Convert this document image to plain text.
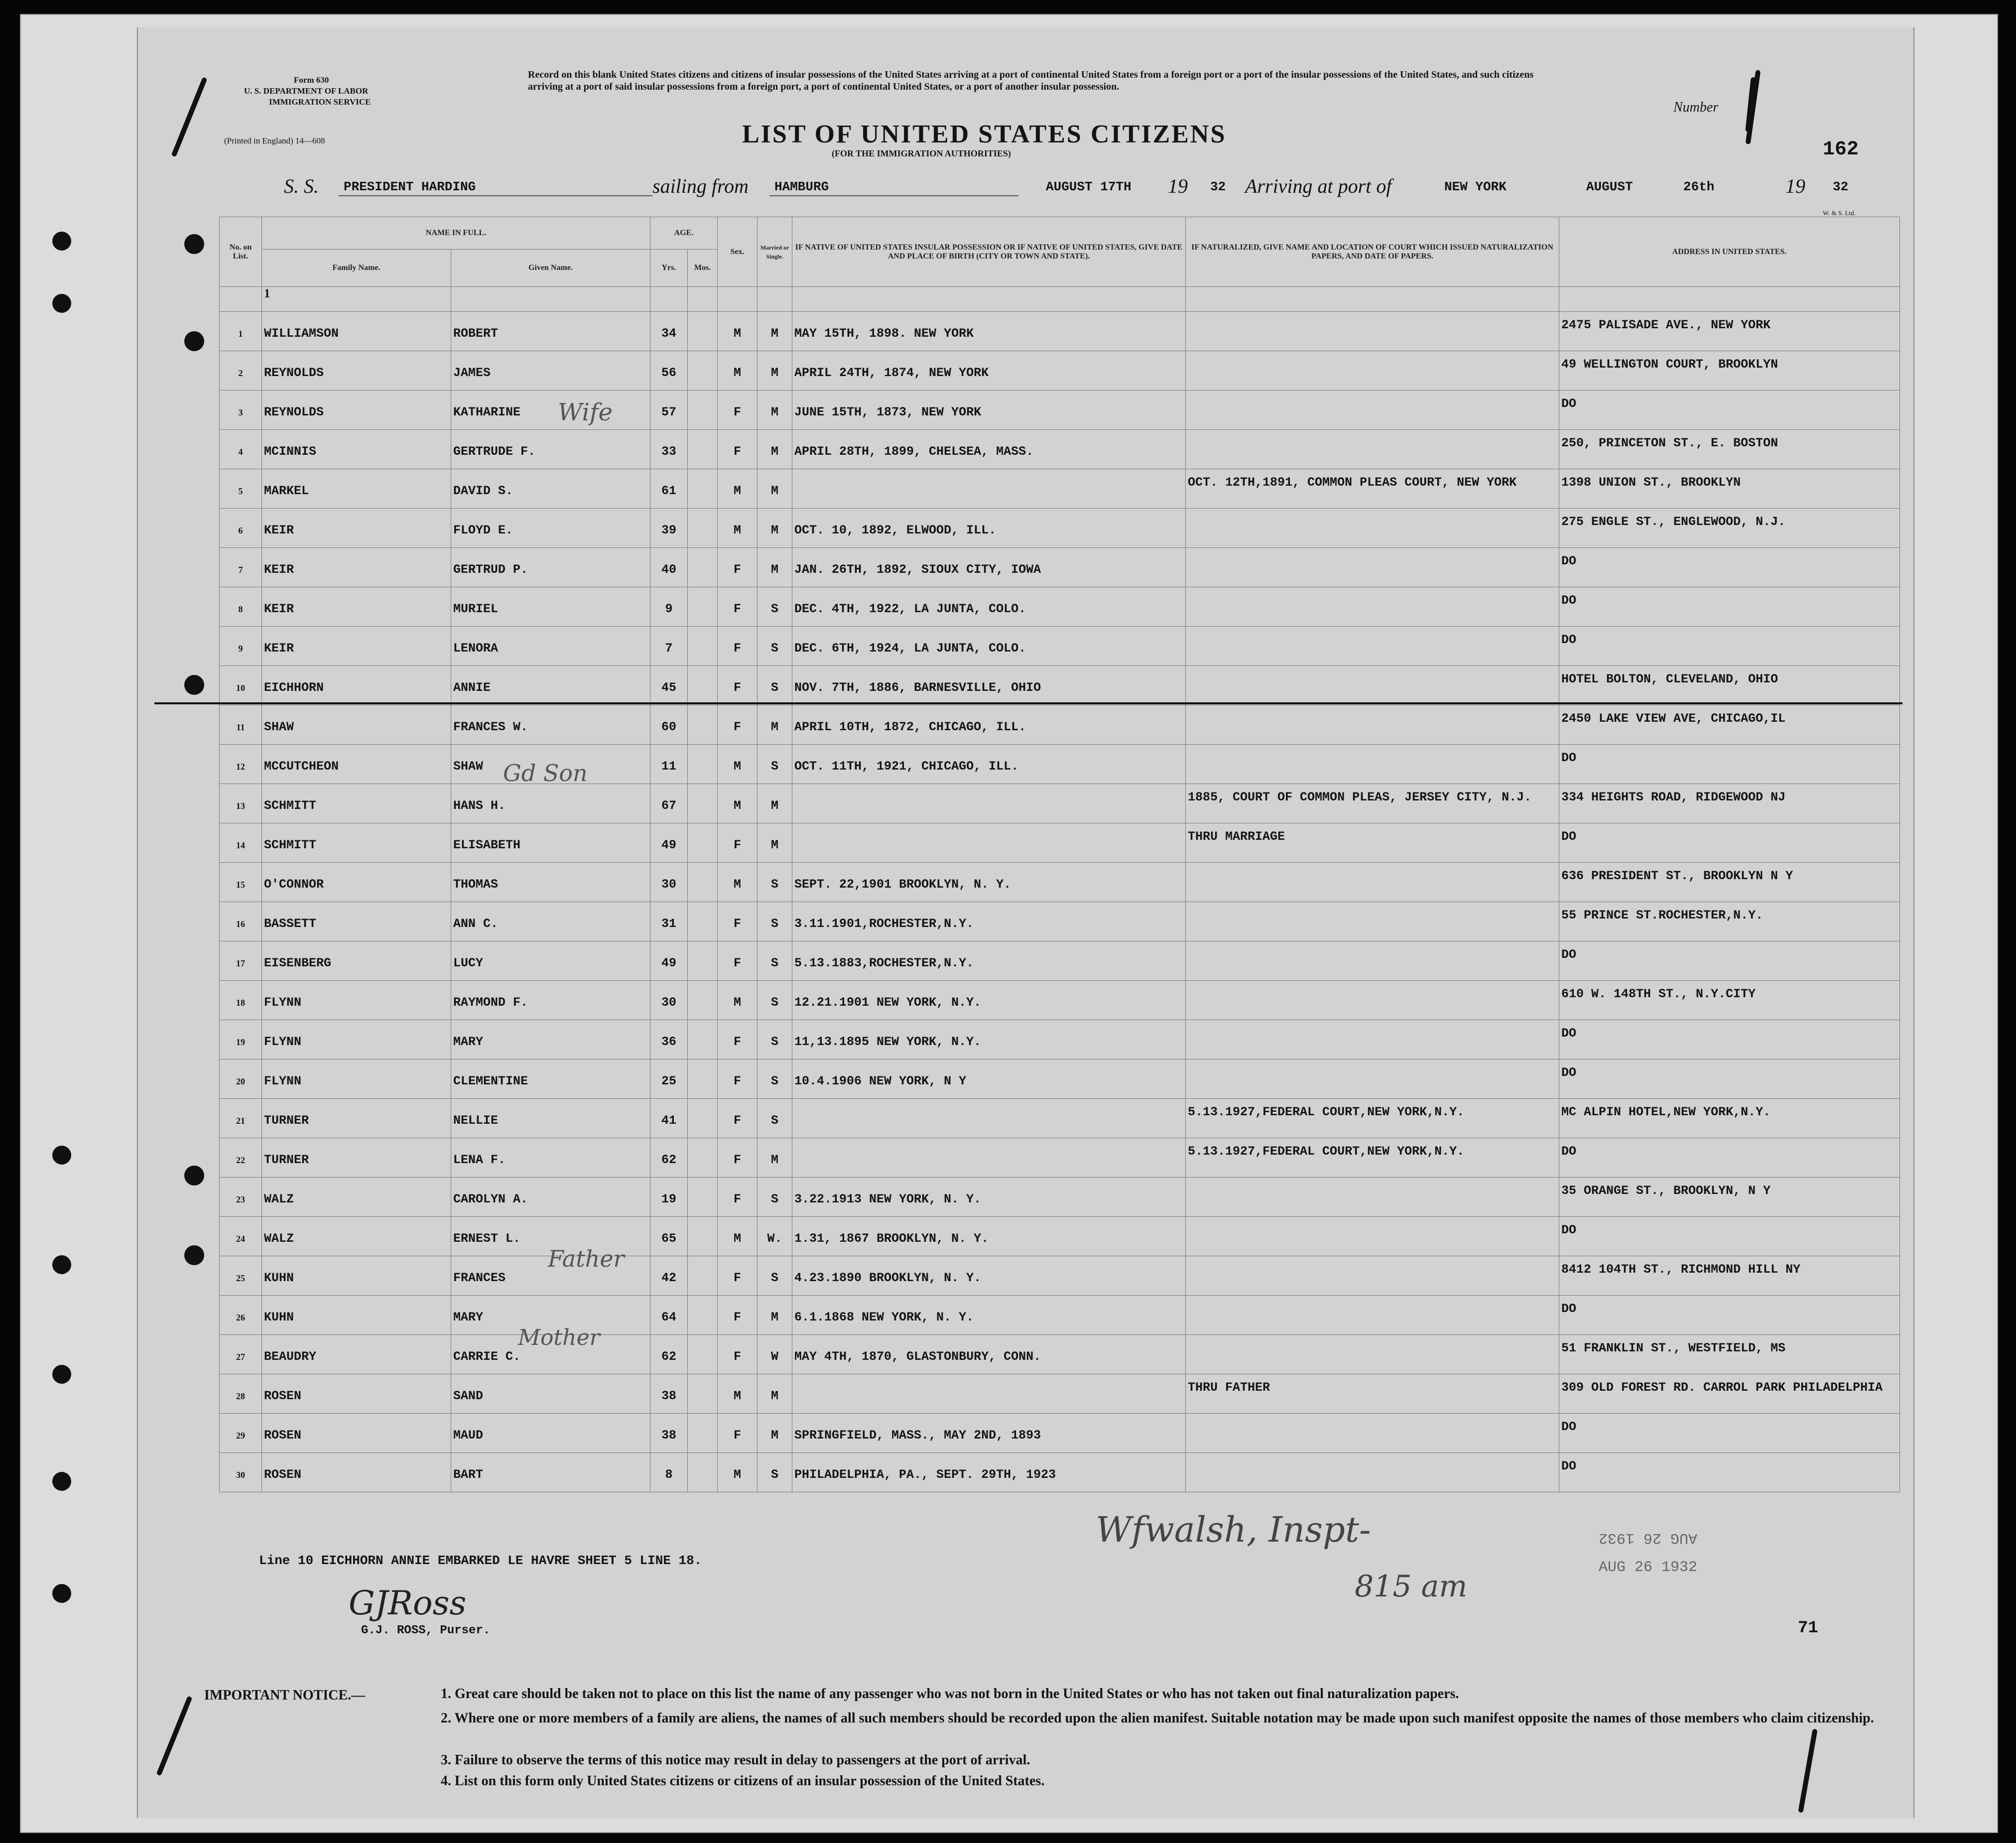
Form 630
U. S. DEPARTMENT OF LABOR
IMMIGRATION SERVICE
(Printed in England) 14—608
Record on this blank United States citizens and citizens of insular possessions of the United States arriving at a port of continental United States from a foreign port or a port of the insular possessions of the United States, and such citizens arriving at a port of said insular possessions from a foreign port, a port of continental United States, or a port of another insular possession.
LIST OF UNITED STATES CITIZENS
(FOR THE IMMIGRATION AUTHORITIES)
Number
162
S. S. PRESIDENT HARDING	sailing from HAMBURG	AUGUST 17TH 19 32 Arriving at port of	NEW YORK	AUGUST	26th	19 32
W. & S. Ltd.
No. on List.	NAME IN FULL.		AGE.		Sex.	Married or Single.	IF NATIVE OF UNITED STATES INSULAR POSSESSION OR IF NATIVE OF UNITED STATES, GIVE DATE AND PLACE OF BIRTH (CITY OR TOWN AND STATE).	IF NATURALIZED, GIVE NAME AND LOCATION OF COURT WHICH ISSUED NATURALIZATION PAPERS, AND DATE OF PAPERS.	ADDRESS IN UNITED STATES.
	Family Name.	Given Name.	Yrs.	Mos.					
	1								
1	WILLIAMSON	ROBERT	34		M	M	MAY 15TH, 1898. NEW YORK		2475 PALISADE AVE., NEW YORK
2	REYNOLDS	JAMES	56		M	M	APRIL 24TH, 1874, NEW YORK		49 WELLINGTON COURT, BROOKLYN
3	REYNOLDS	KATHARINE	57		F	M	JUNE 15TH, 1873, NEW YORK		DO
4	MCINNIS	GERTRUDE F.	33		F	M	APRIL 28TH, 1899, CHELSEA, MASS.		250, PRINCETON ST., E. BOSTON
5	MARKEL	DAVID S.	61		M	M		OCT. 12TH,1891, COMMON PLEAS COURT, NEW YORK	1398 UNION ST., BROOKLYN
6	KEIR	FLOYD E.	39		M	M	OCT. 10, 1892, ELWOOD, ILL.		275 ENGLE ST., ENGLEWOOD, N.J.
7	KEIR	GERTRUD P.	40		F	M	JAN. 26TH, 1892, SIOUX CITY, IOWA		DO
8	KEIR	MURIEL	9		F	S	DEC. 4TH, 1922, LA JUNTA, COLO.		DO
9	KEIR	LENORA	7		F	S	DEC. 6TH, 1924, LA JUNTA, COLO.		DO
10	EICHHORN	ANNIE	45		F	S	NOV. 7TH, 1886, BARNESVILLE, OHIO		HOTEL BOLTON, CLEVELAND, OHIO
11	SHAW	FRANCES W.	60		F	M	APRIL 10TH, 1872, CHICAGO, ILL.		2450 LAKE VIEW AVE, CHICAGO,IL
12	MCCUTCHEON	SHAW	11		M	S	OCT. 11TH, 1921, CHICAGO, ILL.		DO
13	SCHMITT	HANS H.	67		M	M		1885, COURT OF COMMON PLEAS, JERSEY CITY, N.J.	334 HEIGHTS ROAD, RIDGEWOOD NJ
14	SCHMITT	ELISABETH	49		F	M		THRU MARRIAGE	DO
15	O'CONNOR	THOMAS	30		M	S	SEPT. 22,1901 BROOKLYN, N. Y.		636 PRESIDENT ST., BROOKLYN N Y
16	BASSETT	ANN C.	31		F	S	3.11.1901,ROCHESTER,N.Y.		55 PRINCE ST.ROCHESTER,N.Y.
17	EISENBERG	LUCY	49		F	S	5.13.1883,ROCHESTER,N.Y.		DO
18	FLYNN	RAYMOND F.	30		M	S	12.21.1901 NEW YORK, N.Y.		610 W. 148TH ST., N.Y.CITY
19	FLYNN	MARY	36		F	S	11,13.1895 NEW YORK, N.Y.		DO
20	FLYNN	CLEMENTINE	25		F	S	10.4.1906 NEW YORK, N Y		DO
21	TURNER	NELLIE	41		F	S		5.13.1927,FEDERAL COURT,NEW YORK,N.Y.	MC ALPIN HOTEL,NEW YORK,N.Y.
22	TURNER	LENA F.	62		F	M		5.13.1927,FEDERAL COURT,NEW YORK,N.Y.	DO
23	WALZ	CAROLYN A.	19		F	S	3.22.1913 NEW YORK, N. Y.		35 ORANGE ST., BROOKLYN, N Y
24	WALZ	ERNEST L.	65		M	W.	1.31, 1867 BROOKLYN, N. Y.		DO
25	KUHN	FRANCES	42		F	S	4.23.1890 BROOKLYN, N. Y.		8412 104TH ST., RICHMOND HILL NY
26	KUHN	MARY	64		F	M	6.1.1868 NEW YORK, N. Y.		DO
27	BEAUDRY	CARRIE C.	62		F	W	MAY 4TH, 1870, GLASTONBURY, CONN.		51 FRANKLIN ST., WESTFIELD, MS
28	ROSEN	SAND	38		M	M		THRU FATHER	309 OLD FOREST RD. CARROL PARK PHILADELPHIA
29	ROSEN	MAUD	38		F	M	SPRINGFIELD, MASS., MAY 2ND, 1893		DO
30	ROSEN	BART	8		M	S	PHILADELPHIA, PA., SEPT. 29TH, 1923		DO
Wife
Gd Son
Father
Mother
Wfwalsh, Inspt-
815 am
Line 10 EICHHORN ANNIE EMBARKED LE HAVRE SHEET 5 LINE 18.
GJRoss
G.J. ROSS, Purser.
AUG 26 1932
AUG 26 1932
71
IMPORTANT NOTICE.—	1. Great care should be taken not to place on this list the name of any passenger who was not born in the United States or who has not taken out final naturalization papers.
2. Where one or more members of a family are aliens, the names of all such members should be recorded upon the alien manifest. Suitable notation may be made upon such manifest opposite the names of those members who claim citizenship.
3. Failure to observe the terms of this notice may result in delay to passengers at the port of arrival.
4. List on this form only United States citizens or citizens of an insular possession of the United States.
